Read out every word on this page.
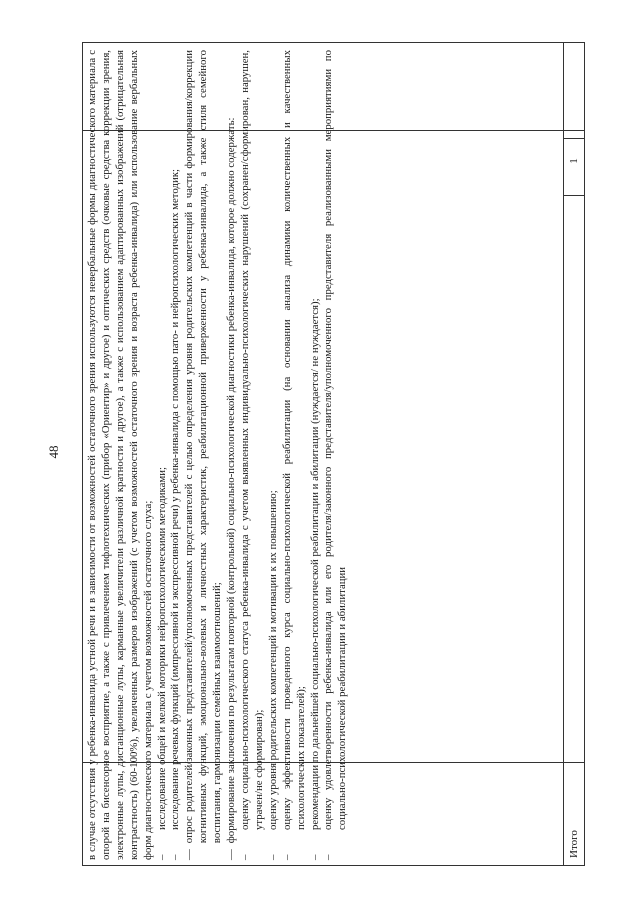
48 в случае отсутствия у ребенка-инвалида устной речи и в зависимости от возможностей остаточного зрения используются невербальные формы диагностического материала с опорой на бисенсорное восприятие, а также с привлечением тифлотехнических (прибор «Ориентир» и другое) и оптических средств (очковые средства коррекции зрения, электронные лупы, дистанционные лупы, карманные увеличители различной кратности и другое), а также с использованием адаптированных изображений (отрицательная контрастность) (60-100%), увеличенных размеров изображений (с учетом возможностей остаточного зрения и возраста ребенка-инвалида) или использование вербальных форм диагностического материала с учетом возможностей остаточного слуха; –
исследование общей и мелкой моторики нейропсихологическими методиками;
–
исследование речевых функций (импрессивной и экспрессивной речи) у ребенка-инвалида с помощью пато- и нейропсихологических методик;
—
опрос родителей/законных представителей/уполномоченных представителей с целью определения уровня родительских компетенций в части формирования/коррекции когнитивных функций, эмоционально-волевых и личностных характеристик, реабилитационной приверженности у ребенка-инвалида, а также стиля семейного воспитания, гармонизации семейных взаимоотношений;
—
формирование заключения по результатам повторной (контрольной) социально-психологической диагностики ребенка-инвалида, которое должно содержать:
–
оценку социально-психологического статуса ребенка-инвалида с учетом выявленных индивидуально-психологических нарушений (сохранен/сформирован, нарушен, утрачен/не сформирован);
–
оценку уровня родительских компетенций и мотивации к их повышению;
–
оценку эффективности проведенного курса социально-психологической реабилитации (на основании анализа динамики количественных и качественных психологических показателей);
–
рекомендации по дальнейшей социально-психологической реабилитации и абилитации (нуждается/ не нуждается);
–
оценку удовлетворенности ребенка-инвалида или его родителя/законного представителя/уполномоченного представителя реализованными мероприятиями по социально-психологической реабилитации и абилитации
Итого
1
